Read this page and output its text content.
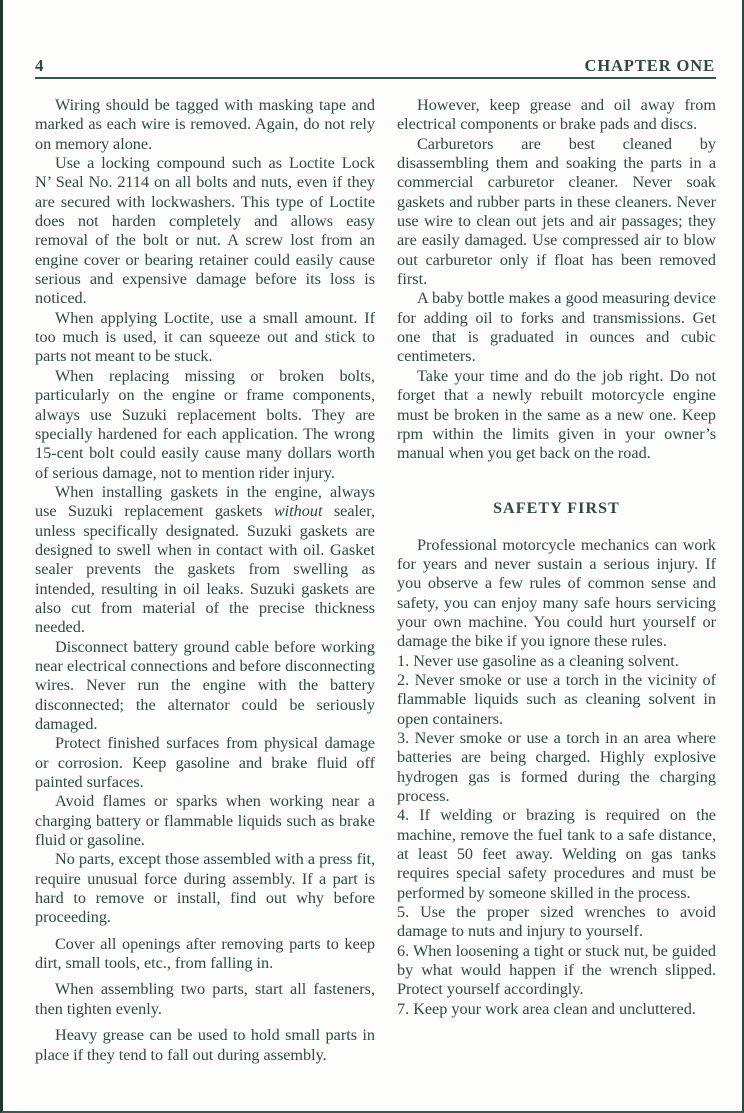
4	CHAPTER ONE

Wiring should be tagged with masking tape and marked as each wire is removed. Again, do not rely on memory alone.

Use a locking compound such as Loctite Lock N’ Seal No. 2114 on all bolts and nuts, even if they are secured with lockwashers. This type of Loctite does not harden completely and allows easy removal of the bolt or nut. A screw lost from an engine cover or bearing retainer could easily cause serious and expensive damage before its loss is noticed.

When applying Loctite, use a small amount. If too much is used, it can squeeze out and stick to parts not meant to be stuck.

When replacing missing or broken bolts, particularly on the engine or frame components, always use Suzuki replacement bolts. They are specially hardened for each application. The wrong 15-cent bolt could easily cause many dollars worth of serious damage, not to mention rider injury.

When installing gaskets in the engine, always use Suzuki replacement gaskets without sealer, unless specifically designated. Suzuki gaskets are designed to swell when in contact with oil. Gasket sealer prevents the gaskets from swelling as intended, resulting in oil leaks. Suzuki gaskets are also cut from material of the precise thickness needed.

Disconnect battery ground cable before working near electrical connections and before disconnecting wires. Never run the engine with the battery disconnected; the alternator could be seriously damaged.

Protect finished surfaces from physical damage or corrosion. Keep gasoline and brake fluid off painted surfaces.

Avoid flames or sparks when working near a charging battery or flammable liquids such as brake fluid or gasoline.

No parts, except those assembled with a press fit, require unusual force during assembly. If a part is hard to remove or install, find out why before proceeding.

Cover all openings after removing parts to keep dirt, small tools, etc., from falling in.

When assembling two parts, start all fasteners, then tighten evenly.

Heavy grease can be used to hold small parts in place if they tend to fall out during assembly.

However, keep grease and oil away from electrical components or brake pads and discs.

Carburetors are best cleaned by disassembling them and soaking the parts in a commercial carburetor cleaner. Never soak gaskets and rubber parts in these cleaners. Never use wire to clean out jets and air passages; they are easily damaged. Use compressed air to blow out carburetor only if float has been removed first.

A baby bottle makes a good measuring device for adding oil to forks and transmissions. Get one that is graduated in ounces and cubic centimeters.

Take your time and do the job right. Do not forget that a newly rebuilt motorcycle engine must be broken in the same as a new one. Keep rpm within the limits given in your owner’s manual when you get back on the road.

SAFETY FIRST

Professional motorcycle mechanics can work for years and never sustain a serious injury. If you observe a few rules of common sense and safety, you can enjoy many safe hours servicing your own machine. You could hurt yourself or damage the bike if you ignore these rules.

1. Never use gasoline as a cleaning solvent.
2. Never smoke or use a torch in the vicinity of flammable liquids such as cleaning solvent in open containers.
3. Never smoke or use a torch in an area where batteries are being charged. Highly explosive hydrogen gas is formed during the charging process.
4. If welding or brazing is required on the machine, remove the fuel tank to a safe distance, at least 50 feet away. Welding on gas tanks requires special safety procedures and must be performed by someone skilled in the process.
5. Use the proper sized wrenches to avoid damage to nuts and injury to yourself.
6. When loosening a tight or stuck nut, be guided by what would happen if the wrench slipped. Protect yourself accordingly.
7. Keep your work area clean and uncluttered.
